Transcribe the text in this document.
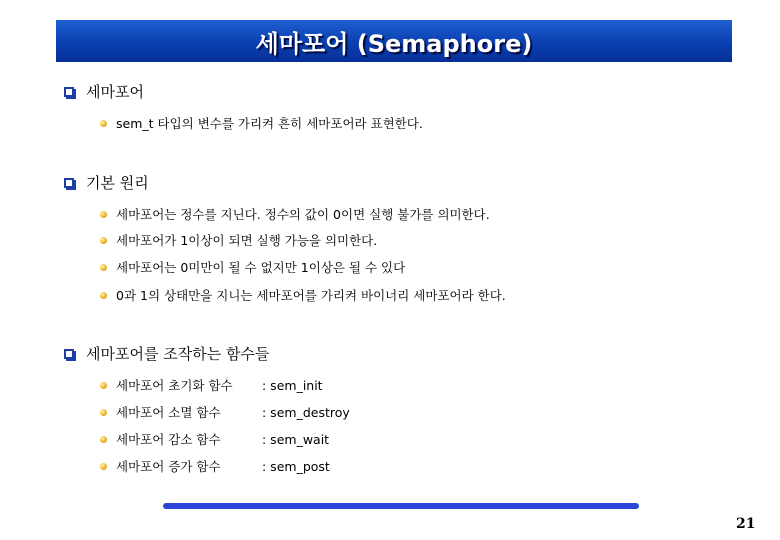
세마포어 (Semaphore)
세마포어
sem_t 타입의 변수를 가리켜 흔히 세마포어라 표현한다.
기본 원리
세마포어는 정수를 지닌다. 정수의 값이 0이면 실행 불가를 의미한다.
세마포어가 1이상이 되면 실행 가능을 의미한다.
세마포어는 0미만이 될 수 없지만 1이상은 될 수 있다
0과 1의 상태만을 지니는 세마포어를 가리켜 바이너리 세마포어라 한다.
세마포어를 조작하는 함수들
세마포어 초기화 함수	: sem_init
세마포어 소멸 함수	: sem_destroy
세마포어 감소 함수	: sem_wait
세마포어 증가 함수	: sem_post
21
